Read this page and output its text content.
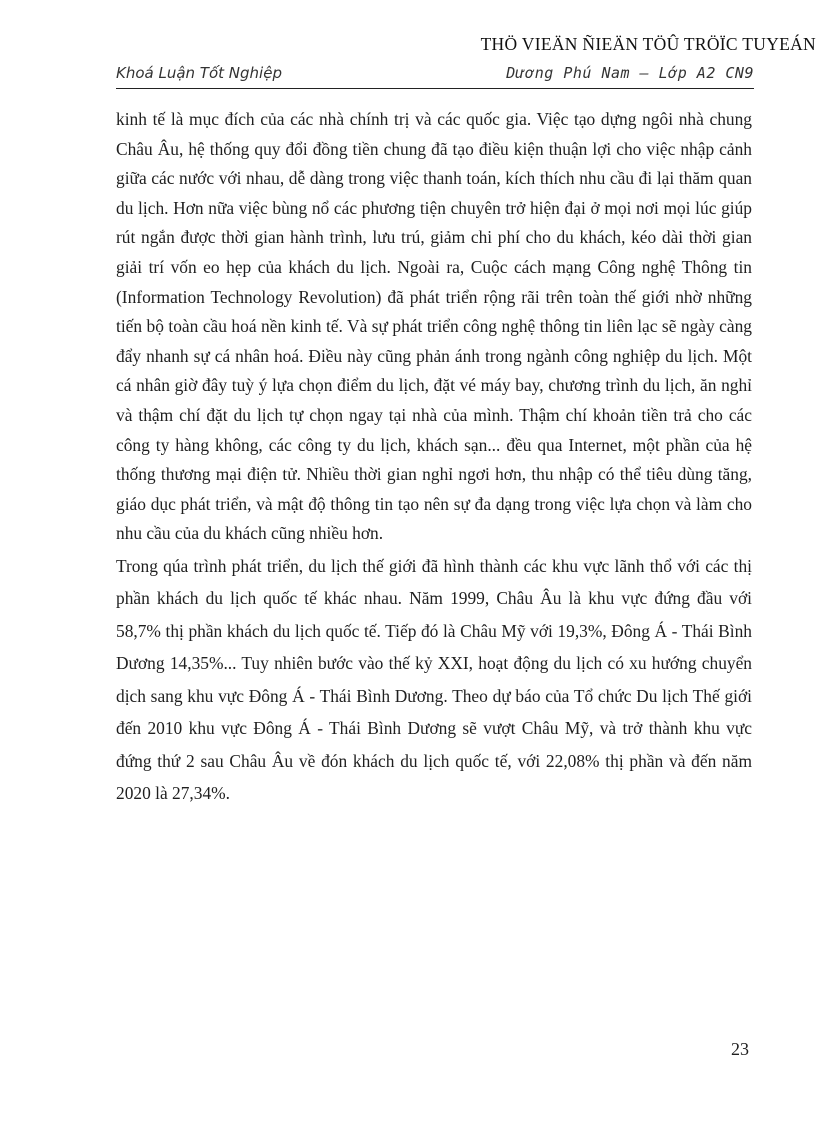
THÖ VIEÄN ÑIEÄN TÖÛ TRÖÏC TUYEÁN
Khoá Luận Tốt Nghiệp	Dương Phú Nam – Lớp A2 CN9

kinh tế là mục đích của các nhà chính trị và các quốc gia. Việc tạo dựng ngôi nhà chung Châu Âu, hệ thống quy đổi đồng tiền chung đã tạo điều kiện thuận lợi cho việc nhập cảnh giữa các nước với nhau, dễ dàng trong việc thanh toán, kích thích nhu cầu đi lại thăm quan du lịch. Hơn nữa việc bùng nổ các phương tiện chuyên trở hiện đại ở mọi nơi mọi lúc giúp rút ngắn được thời gian hành trình, lưu trú, giảm chi phí cho du khách, kéo dài thời gian giải trí vốn eo hẹp của khách du lịch. Ngoài ra, Cuộc cách mạng Công nghệ Thông tin (Information Technology Revolution) đã phát triển rộng rãi trên toàn thế giới nhờ những tiến bộ toàn cầu hoá nền kinh tế. Và sự phát triển công nghệ thông tin liên lạc sẽ ngày càng đẩy nhanh sự cá nhân hoá. Điều này cũng phản ánh trong ngành công nghiệp du lịch. Một cá nhân giờ đây tuỳ ý lựa chọn điểm du lịch, đặt vé máy bay, chương trình du lịch, ăn nghỉ và thậm chí đặt du lịch tự chọn ngay tại nhà của mình. Thậm chí khoản tiền trả cho các công ty hàng không, các công ty du lịch, khách sạn... đều qua Internet, một phần của hệ thống thương mại điện tử. Nhiều thời gian nghỉ ngơi hơn, thu nhập có thể tiêu dùng tăng, giáo dục phát triển, và mật độ thông tin tạo nên sự đa dạng trong việc lựa chọn và làm cho nhu cầu của du khách cũng nhiều hơn.

Trong qúa trình phát triển, du lịch thế giới đã hình thành các khu vực lãnh thổ với các thị phần khách du lịch quốc tế khác nhau. Năm 1999, Châu Âu là khu vực đứng đầu với 58,7% thị phần khách du lịch quốc tế. Tiếp đó là Châu Mỹ với 19,3%, Đông Á - Thái Bình Dương 14,35%... Tuy nhiên bước vào thế kỷ XXI, hoạt động du lịch có xu hướng chuyển dịch sang khu vực Đông Á - Thái Bình Dương. Theo dự báo của Tổ chức Du lịch Thế giới đến 2010 khu vực Đông Á - Thái Bình Dương sẽ vượt Châu Mỹ, và trở thành khu vực đứng thứ 2 sau Châu Âu về đón khách du lịch quốc tế, với 22,08% thị phần và đến năm 2020 là 27,34%.

23
